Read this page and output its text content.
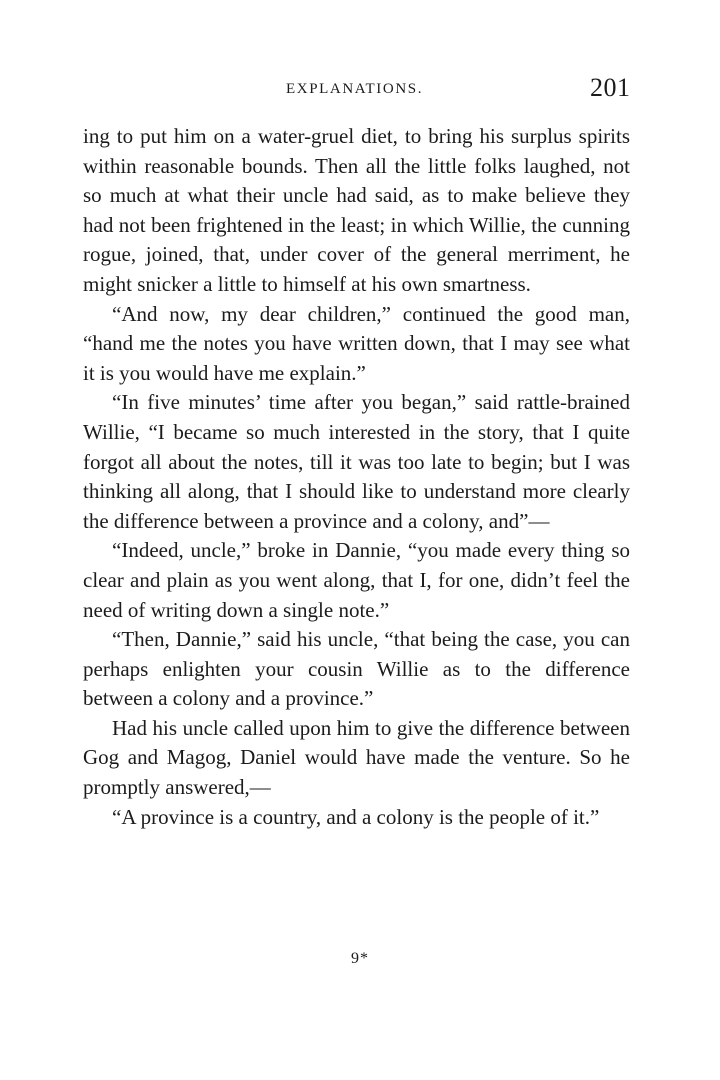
EXPLANATIONS.	201

ing to put him on a water-gruel diet, to bring his surplus spirits within reasonable bounds. Then all the little folks laughed, not so much at what their uncle had said, as to make believe they had not been frightened in the least; in which Willie, the cunning rogue, joined, that, under cover of the general merriment, he might snicker a little to himself at his own smartness.

“And now, my dear children,” continued the good man, “hand me the notes you have written down, that I may see what it is you would have me explain.”

“In five minutes’ time after you began,” said rattle-brained Willie, “I became so much interested in the story, that I quite forgot all about the notes, till it was too late to begin; but I was thinking all along, that I should like to understand more clearly the difference between a province and a colony, and”—

“Indeed, uncle,” broke in Dannie, “you made every thing so clear and plain as you went along, that I, for one, didn’t feel the need of writing down a single note.”

“Then, Dannie,” said his uncle, “that being the case, you can perhaps enlighten your cousin Willie as to the difference between a colony and a province.”

Had his uncle called upon him to give the difference between Gog and Magog, Daniel would have made the venture. So he promptly answered,—

“A province is a country, and a colony is the people of it.”

9*
